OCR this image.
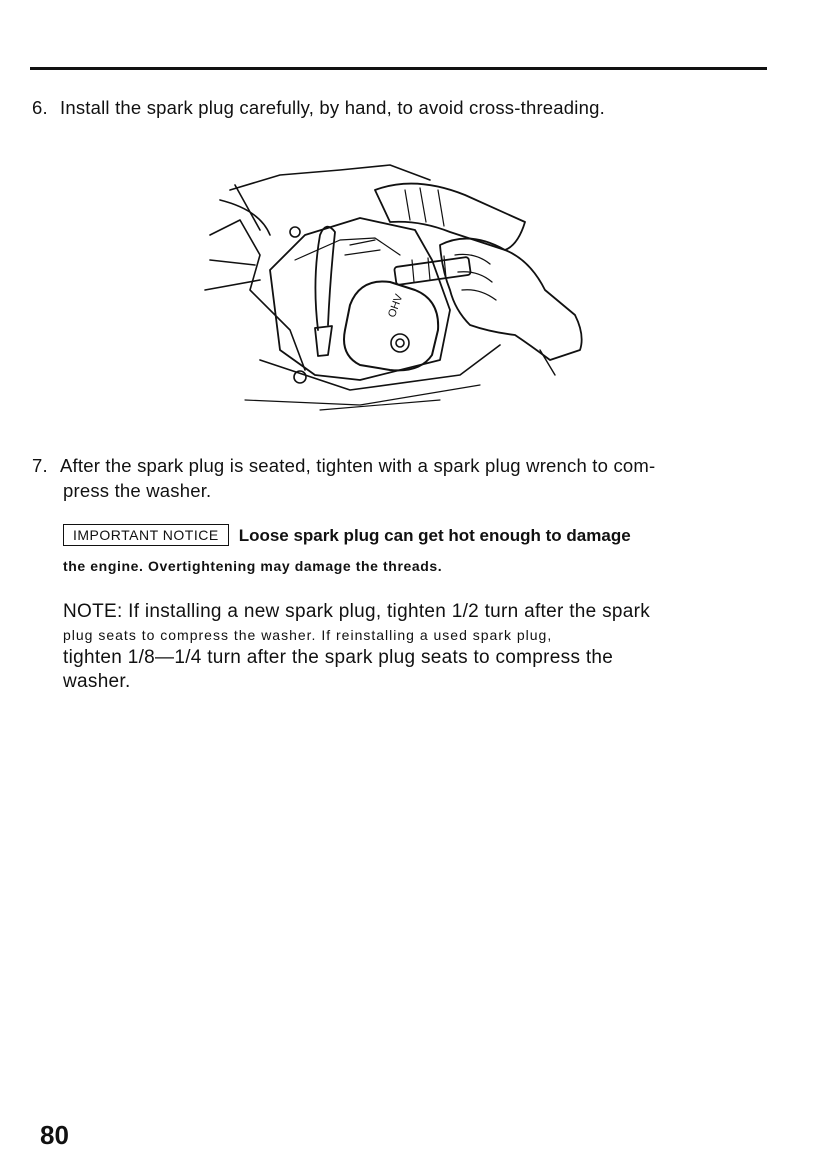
6. Install the spark plug carefully, by hand, to avoid cross-threading.
OHV
7. After the spark plug is seated, tighten with a spark plug wrench to com-
press the washer.
IMPORTANT NOTICE Loose spark plug can get hot enough to damage
the engine. Overtightening may damage the threads.
NOTE: If installing a new spark plug, tighten 1/2 turn after the spark
plug seats to compress the washer. If reinstalling a used spark plug,
tighten 1/8—1/4 turn after the spark plug seats to compress the
washer.
80
